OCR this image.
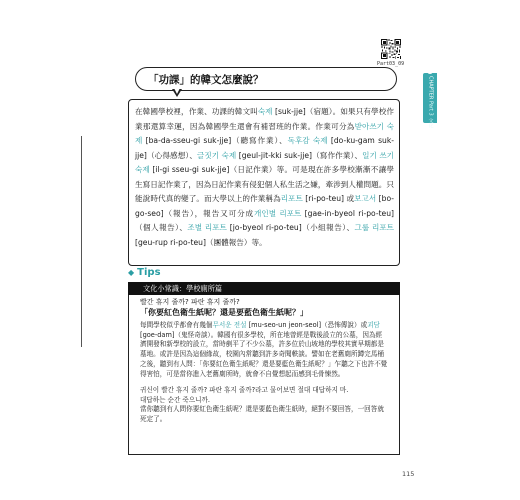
Part03_09
CHAPTER
Part 3
文化
「功課」的韓文怎麼說？
在韓國學校裡，作業、功課的韓文叫숙제 [suk-jje]（宿題）。如果只有學校作業那還算幸運，因為韓國學生還會有補習班的作業。作業可分為받아쓰기 숙제 [ba-da-sseu-gi suk-jje]（聽寫作業）、독후감 숙제 [do-ku-gam suk-jje]（心得感想）、글짓기 숙제 [geul-jit-kki suk-jje]（寫作作業）、일기 쓰기 숙제 [il-gi sseu-gi suk-jje]（日記作業）等。可是現在許多學校漸漸不讓學生寫日記作業了，因為日記作業有侵犯個人私生活之嫌，牽涉到人權問題。只能說時代真的變了。而大學以上的作業稱為리포트 [ri-po-teu] 或보고서 [bo-go-seo]（報告），報告又可分成개인별 리포트 [gae-in-byeol ri-po-teu]（個人報告）、조별 리포트 [jo-byeol ri-po-teu]（小組報告）、그룹 리포트 [geu-rup ri-po-teu]（團體報告）等。
◆ Tips
文化小常識：學校廁所篇
빨간 휴지 줄까? 파란 휴지 줄까?
「你要紅色衛生紙呢？還是要藍色衛生紙呢？」
每間學校似乎都會有幾個무서운 전설 [mu-seo-un jeon-seol]（恐怖傳說）或괴담 [goe-dam]（鬼怪奇談）。韓國有很多學校，所在地曾經是戰後設立的公墓，因為經濟開發和新學校的設立，當時剷平了不少公墓，許多位於山坡地的學校其實早期都是墓地。或許是因為這個緣故，校園內常聽到許多奇聞軼談。譬如在老舊廁所蹲完馬桶之後，聽到有人問：「你要紅色衛生紙呢？還是要藍色衛生紙呢？」乍聽之下也許不覺得害怕，可是當你進入老舊廁所時，就會不自覺想起而感到毛骨悚然。
귀신이 빨간 휴지 줄까? 파란 휴지 줄까?라고 물어보면 절대 대답하지 마.
대답하는 순간 죽으니까.
當你聽到有人問你要紅色衛生紙呢？還是要藍色衛生紙時，絕對不要回答，一回答就死定了。
115
